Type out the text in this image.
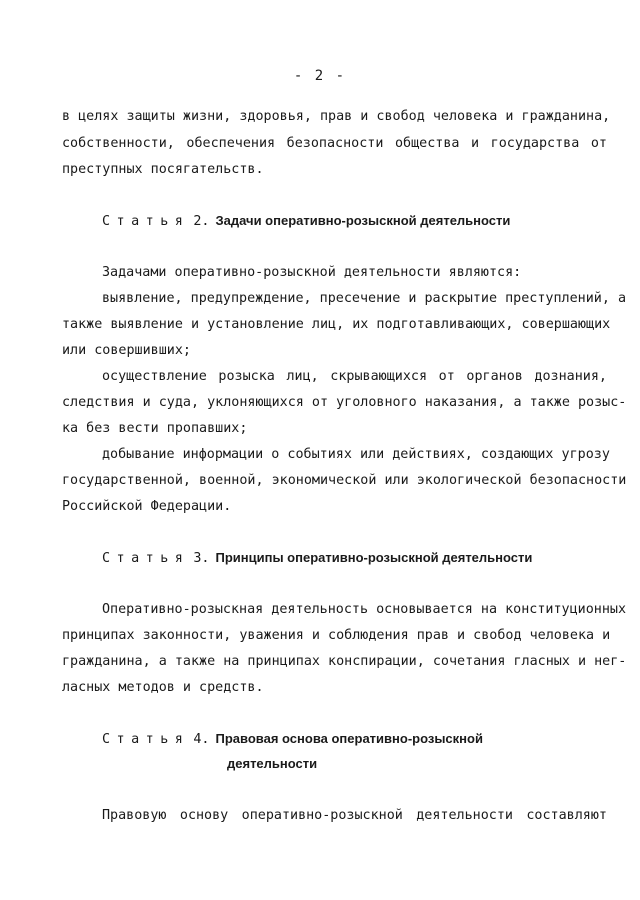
- 2 -
в целях защиты жизни, здоровья, прав и свобод человека и гражданина,
собственности, обеспечения безопасности общества и государства от
преступных посягательств.
Статья 2. Задачи оперативно-розыскной деятельности
Задачами оперативно-розыскной деятельности являются:
выявление, предупреждение, пресечение и раскрытие преступлений, а
также выявление и установление лиц, их подготавливающих, совершающих
или совершивших;
осуществление розыска лиц, скрывающихся от органов дознания,
следствия и суда, уклоняющихся от уголовного наказания, а также розыс-
ка без вести пропавших;
добывание информации о событиях или действиях, создающих угрозу
государственной, военной, экономической или экологической безопасности
Российской Федерации.
Статья 3. Принципы оперативно-розыскной деятельности
Оперативно-розыскная деятельность основывается на конституционных
принципах законности, уважения и соблюдения прав и свобод человека и
гражданина, а также на принципах конспирации, сочетания гласных и нег-
ласных методов и средств.
Статья 4. Правовая основа оперативно-розыскной
деятельности
Правовую основу оперативно-розыскной деятельности составляют
